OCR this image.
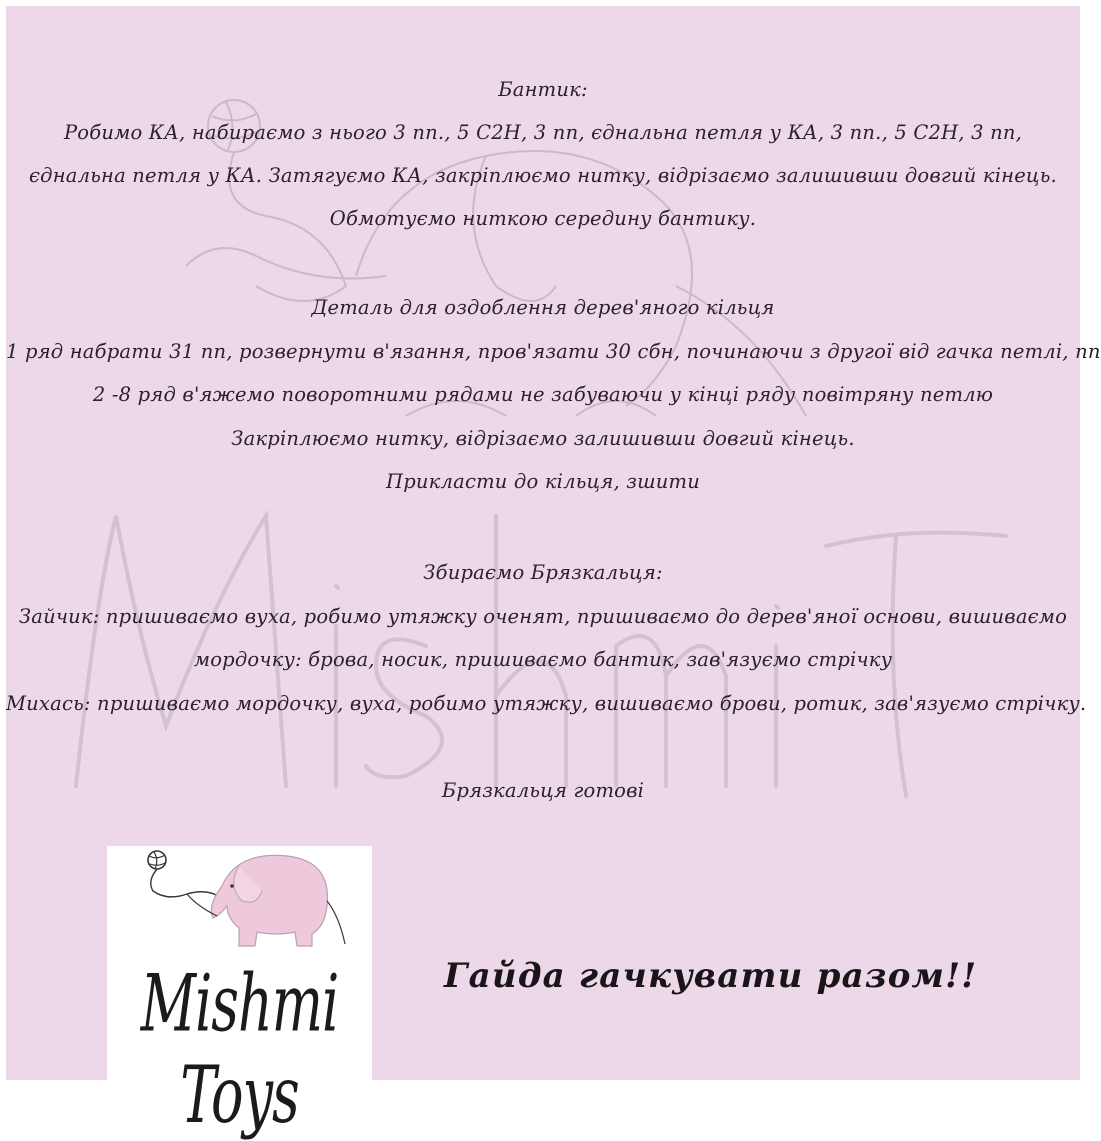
Бантик:
Робимо КА, набираємо з нього 3 пп., 5 С2Н, 3 пп, єднальна петля у КА, 3 пп., 5 С2Н, 3 пп,
єднальна петля у КА. Затягуємо КА, закріплюємо нитку, відрізаємо залишивши довгий кінець.
Обмотуємо ниткою середину бантику.
Деталь для оздоблення дерев'яного кільця
1 ряд набрати 31 пп, розвернути в'язання, пров'язати 30 сбн, починаючи з другої від гачка петлі, пп
2 -8 ряд в'яжемо поворотними рядами не забуваючи у кінці ряду повітряну петлю
Закріплюємо нитку, відрізаємо залишивши довгий кінець.
Прикласти до кільця, зшити
Збираємо Брязкальця:
Зайчик: пришиваємо вуха, робимо утяжку оченят, пришиваємо до дерев'яної основи, вишиваємо
мордочку: брова, носик, пришиваємо бантик, зав'язуємо стрічку
Михась: пришиваємо мордочку, вуха, робимо утяжку, вишиваємо брови, ротик, зав'язуємо стрічку.
Брязкальця готові
Mishmi Toys
Гайда гачкувати разом!!
